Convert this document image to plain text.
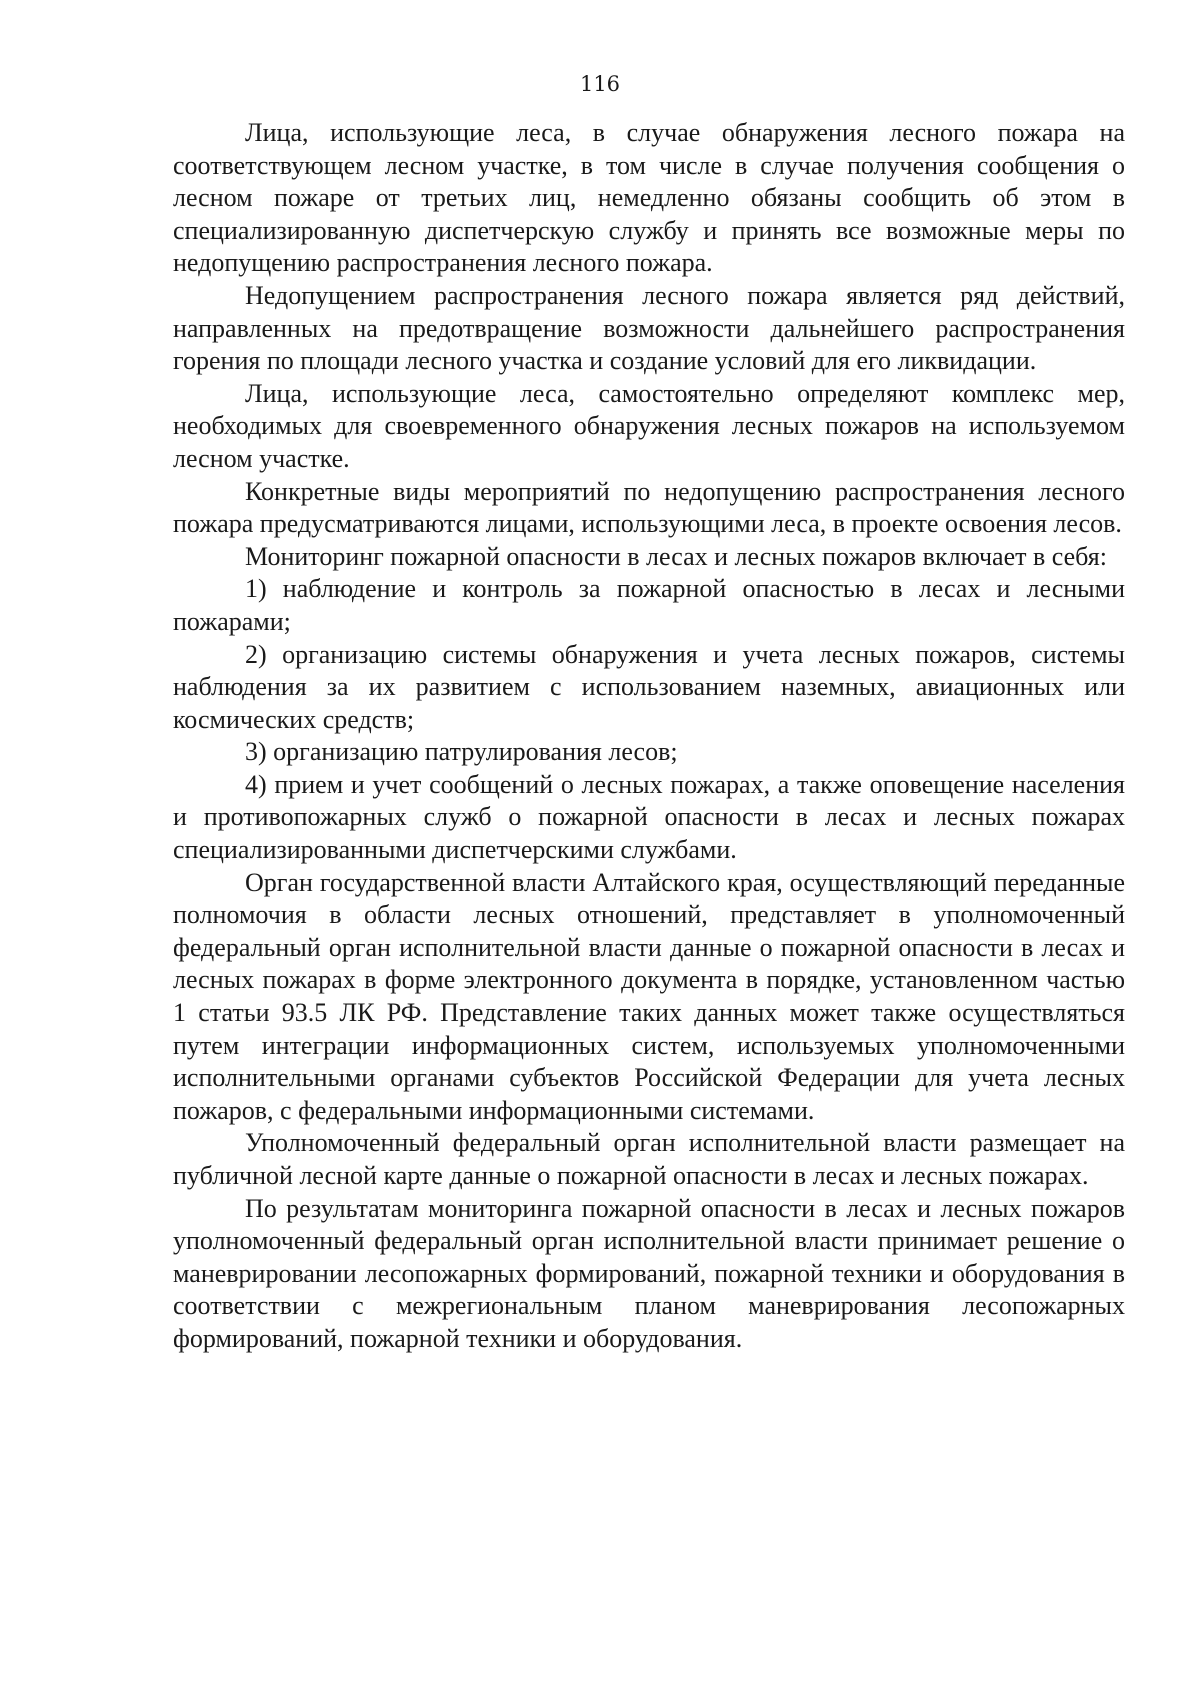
116

Лица, использующие леса, в случае обнаружения лесного пожара на соответствующем лесном участке, в том числе в случае получения сообщения о лесном пожаре от третьих лиц, немедленно обязаны сообщить об этом в специализированную диспетчерскую службу и принять все возможные меры по недопущению распространения лесного пожара.

Недопущением распространения лесного пожара является ряд действий, направленных на предотвращение возможности дальнейшего распространения горения по площади лесного участка и создание условий для его ликвидации.

Лица, использующие леса, самостоятельно определяют комплекс мер, необходимых для своевременного обнаружения лесных пожаров на используемом лесном участке.

Конкретные виды мероприятий по недопущению распространения лесного пожара предусматриваются лицами, использующими леса, в проекте освоения лесов.

Мониторинг пожарной опасности в лесах и лесных пожаров включает в себя:

1) наблюдение и контроль за пожарной опасностью в лесах и лесными пожарами;

2) организацию системы обнаружения и учета лесных пожаров, системы наблюдения за их развитием с использованием наземных, авиационных или космических средств;

3) организацию патрулирования лесов;

4) прием и учет сообщений о лесных пожарах, а также оповещение населения и противопожарных служб о пожарной опасности в лесах и лесных пожарах специализированными диспетчерскими службами.

Орган государственной власти Алтайского края, осуществляющий переданные полномочия в области лесных отношений, представляет в уполномоченный федеральный орган исполнительной власти данные о пожарной опасности в лесах и лесных пожарах в форме электронного документа в порядке, установленном частью 1 статьи 93.5 ЛК РФ. Представление таких данных может также осуществляться путем интеграции информационных систем, используемых уполномоченными исполнительными органами субъектов Российской Федерации для учета лесных пожаров, с федеральными информационными системами.

Уполномоченный федеральный орган исполнительной власти размещает на публичной лесной карте данные о пожарной опасности в лесах и лесных пожарах.

По результатам мониторинга пожарной опасности в лесах и лесных пожаров уполномоченный федеральный орган исполнительной власти принимает решение о маневрировании лесопожарных формирований, пожарной техники и оборудования в соответствии с межрегиональным планом маневрирования лесопожарных формирований, пожарной техники и оборудования.
